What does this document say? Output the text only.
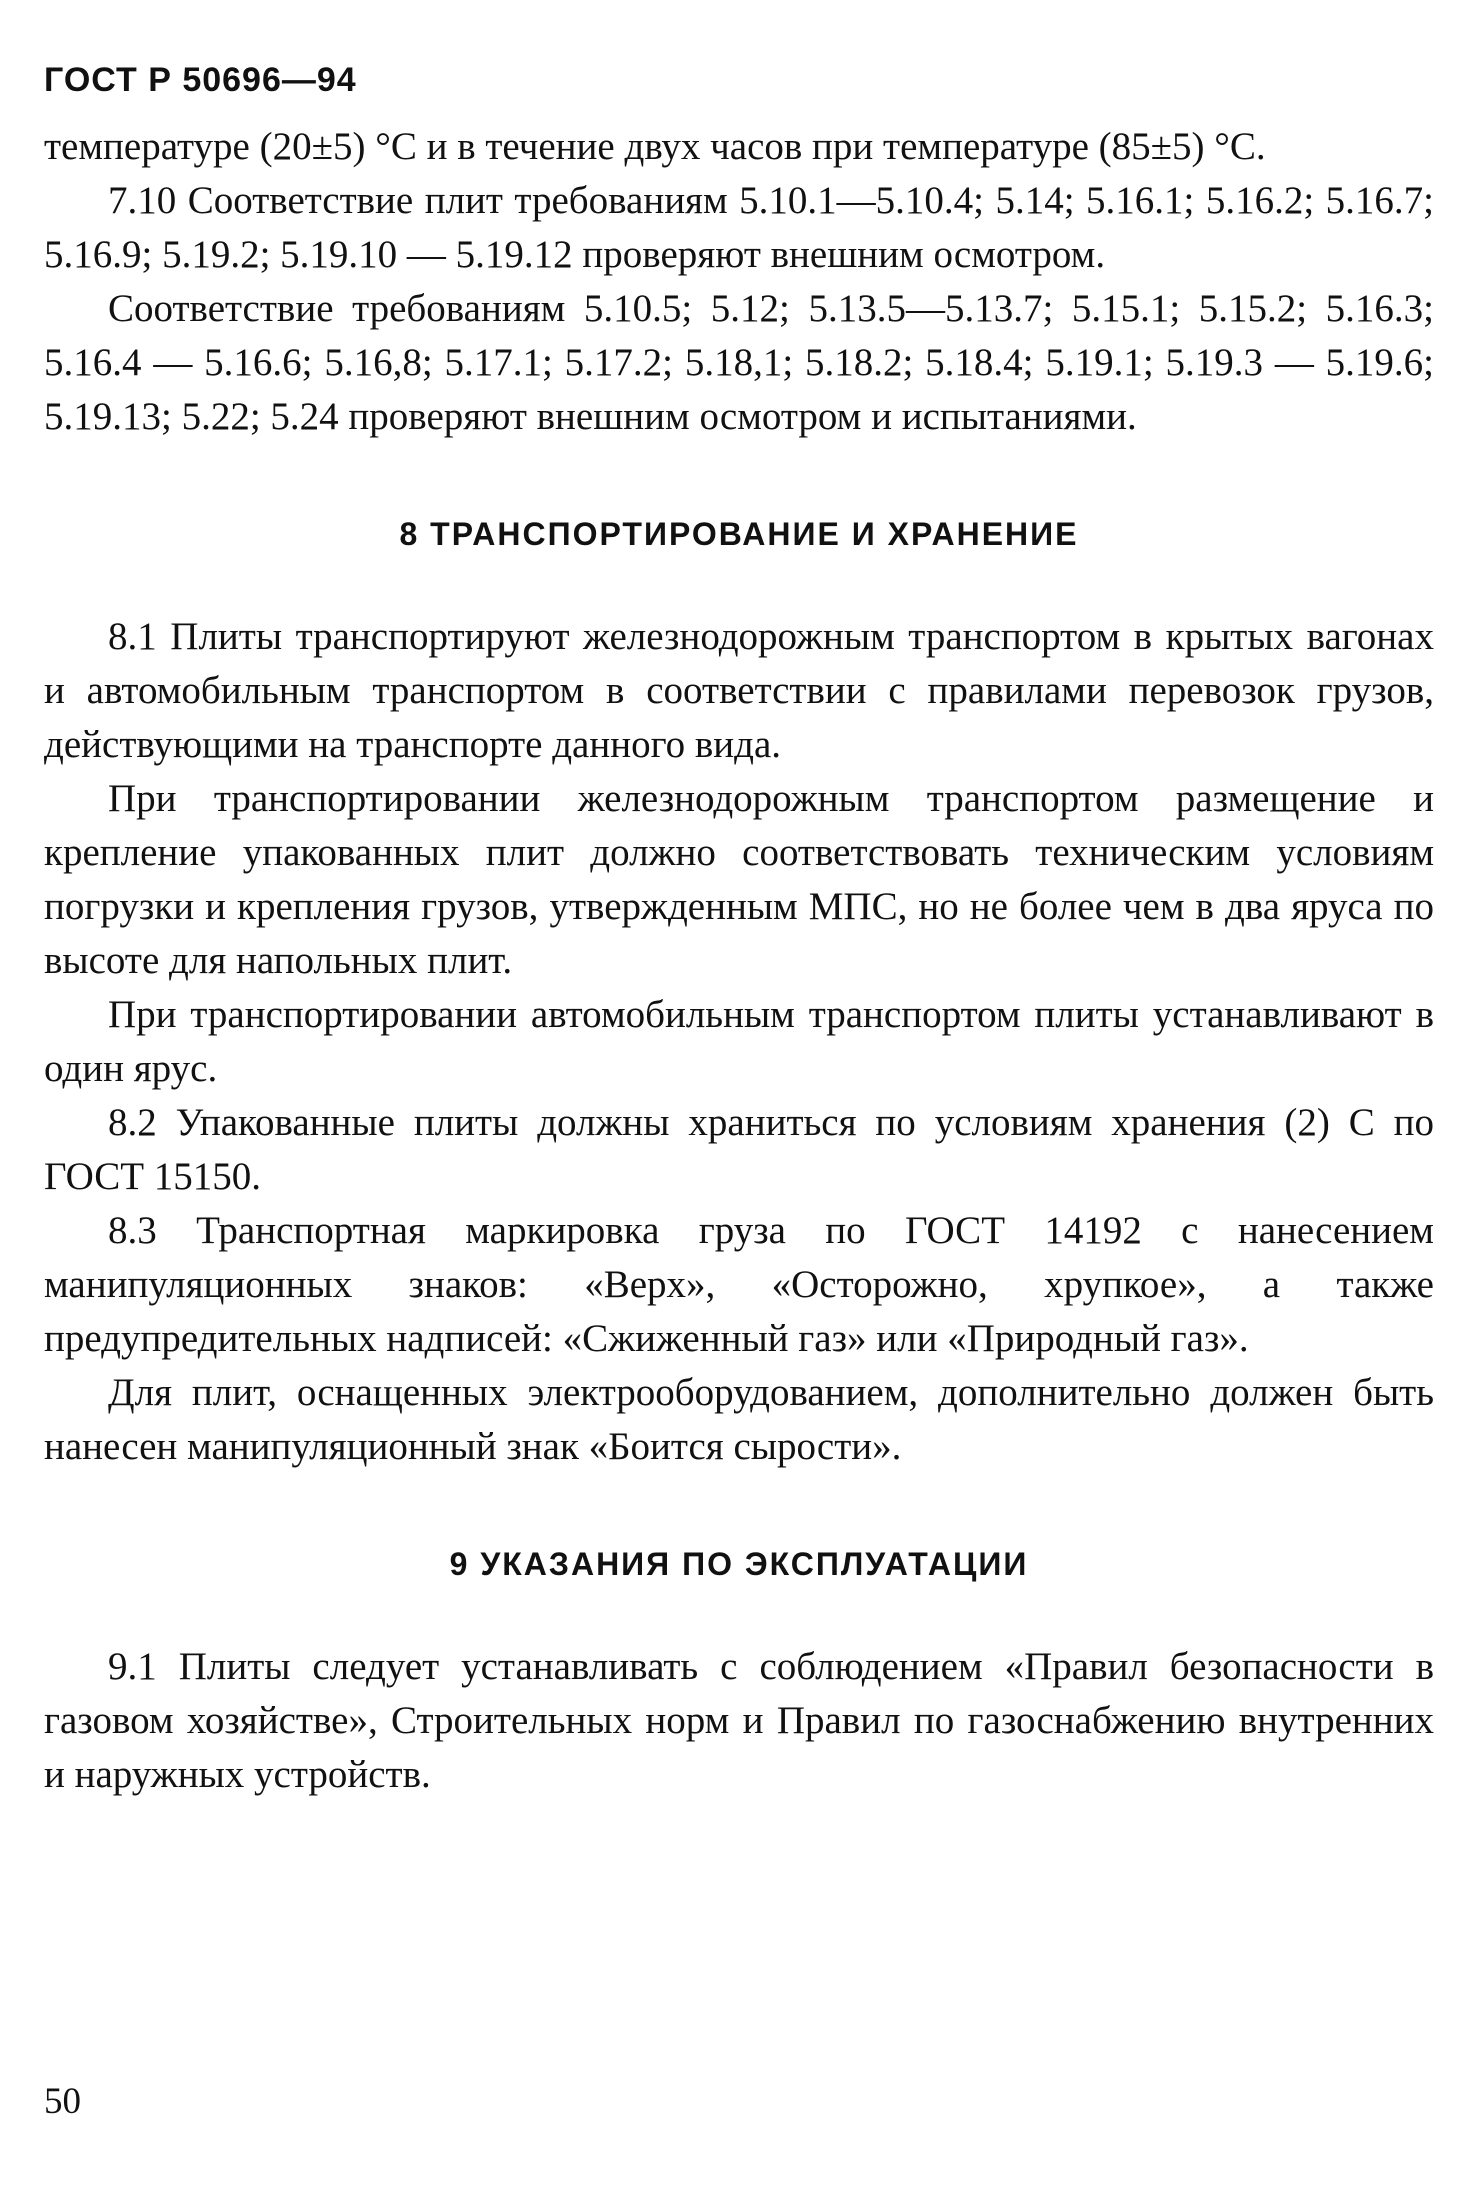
ГОСТ Р 50696—94

температуре (20±5) °С и в течение двух часов при температуре (85±5) °С.

7.10 Соответствие плит требованиям 5.10.1—5.10.4; 5.14; 5.16.1; 5.16.2; 5.16.7; 5.16.9; 5.19.2; 5.19.10 — 5.19.12 проверяют внешним осмотром.

Соответствие требованиям 5.10.5; 5.12; 5.13.5—5.13.7; 5.15.1; 5.15.2; 5.16.3; 5.16.4 — 5.16.6; 5.16,8; 5.17.1; 5.17.2; 5.18,1; 5.18.2; 5.18.4; 5.19.1; 5.19.3 — 5.19.6; 5.19.13; 5.22; 5.24 проверяют внешним осмотром и испытаниями.

8 ТРАНСПОРТИРОВАНИЕ И ХРАНЕНИЕ

8.1 Плиты транспортируют железнодорожным транспортом в крытых вагонах и автомобильным транспортом в соответствии с правилами перевозок грузов, действующими на транспорте данного вида.

При транспортировании железнодорожным транспортом размещение и крепление упакованных плит должно соответствовать техническим условиям погрузки и крепления грузов, утвержденным МПС, но не более чем в два яруса по высоте для напольных плит.

При транспортировании автомобильным транспортом плиты устанавливают в один ярус.

8.2 Упакованные плиты должны храниться по условиям хранения (2) С по ГОСТ 15150.

8.3 Транспортная маркировка груза по ГОСТ 14192 с нанесением манипуляционных знаков: «Верх», «Осторожно, хрупкое», а также предупредительных надписей: «Сжиженный газ» или «Природный газ».

Для плит, оснащенных электрооборудованием, дополнительно должен быть нанесен манипуляционный знак «Боится сырости».

9 УКАЗАНИЯ ПО ЭКСПЛУАТАЦИИ

9.1 Плиты следует устанавливать с соблюдением «Правил безопасности в газовом хозяйстве», Строительных норм и Правил по газоснабжению внутренних и наружных устройств.

50
